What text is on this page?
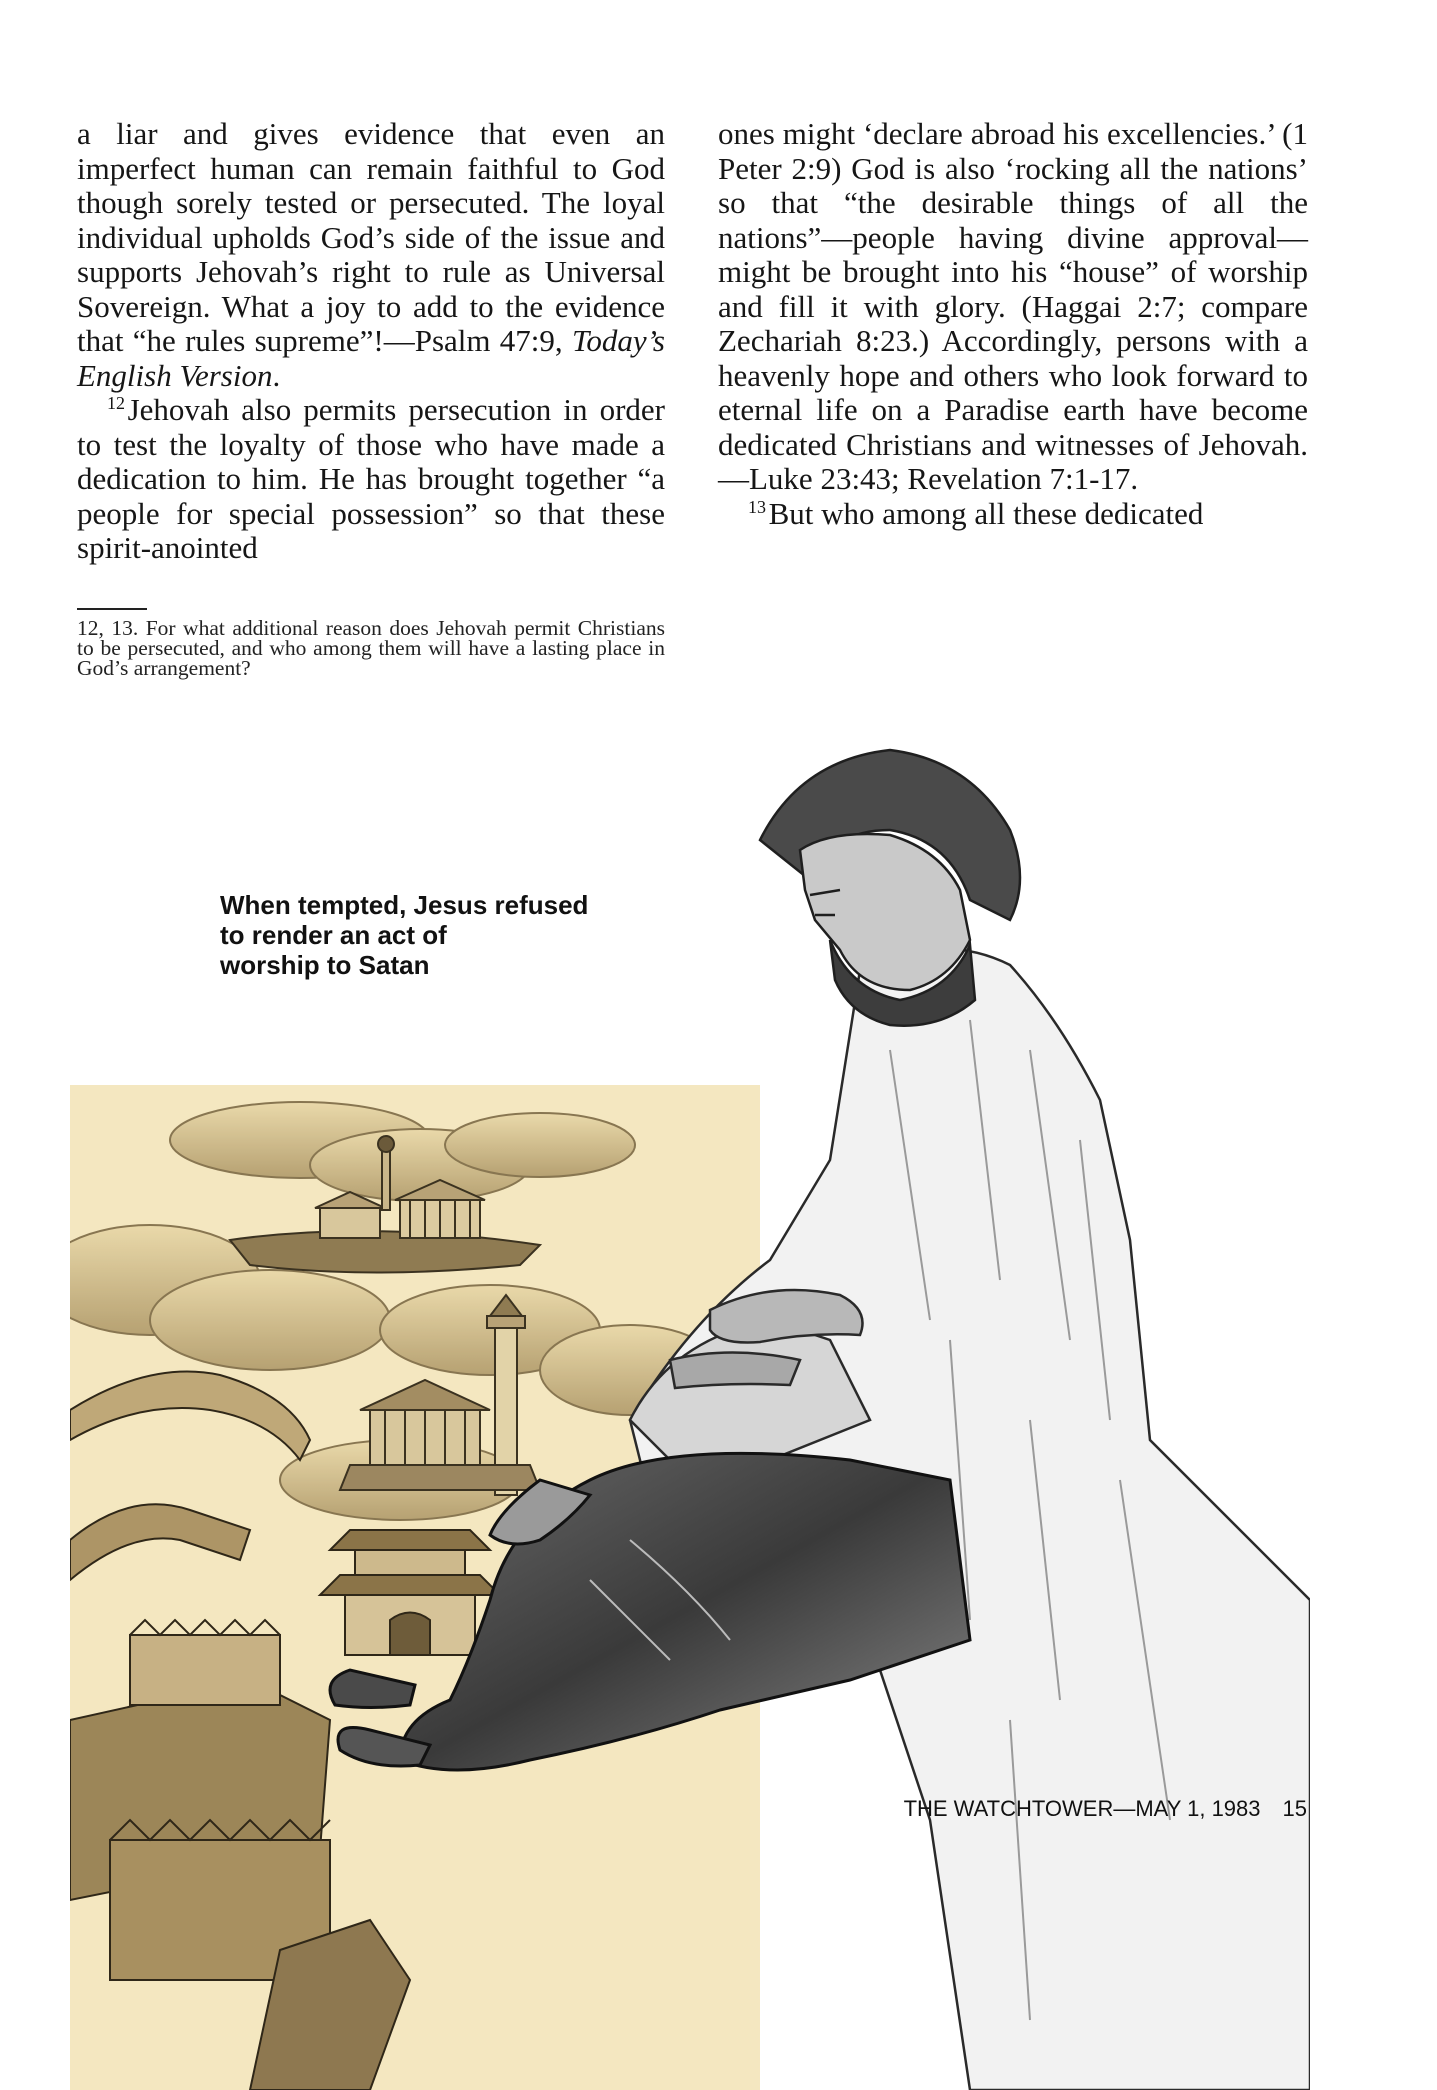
a liar and gives evidence that even an imperfect human can remain faithful to God though sorely tested or persecuted. The loyal individual upholds God’s side of the issue and supports Jehovah’s right to rule as Universal Sovereign. What a joy to add to the evidence that “he rules supreme”!—Psalm 47:9, Today’s English Version.

$^{12}$ Jehovah also permits persecution in order to test the loyalty of those who have made a dedication to him. He has brought together “a people for special possession” so that these spirit-anointed

ones might ‘declare abroad his excellencies.’ (1 Peter 2:9) God is also ‘rocking all the nations’ so that “the desirable things of all the nations”—people having divine approval—might be brought into his “house” of worship and fill it with glory. (Haggai 2:7; compare Zechariah 8:23.) Accordingly, persons with a heavenly hope and others who look forward to eternal life on a Paradise earth have become dedicated Christians and witnesses of Jehovah.—Luke 23:43; Revelation 7:1-17.

$^{13}$ But who among all these dedicated

12, 13. For what additional reason does Jehovah permit Christians to be persecuted, and who among them will have a lasting place in God’s arrangement?
When tempted, Jesus refused
to render an act of
worship to Satan
THE WATCHTOWER—MAY 1, 1983 15
